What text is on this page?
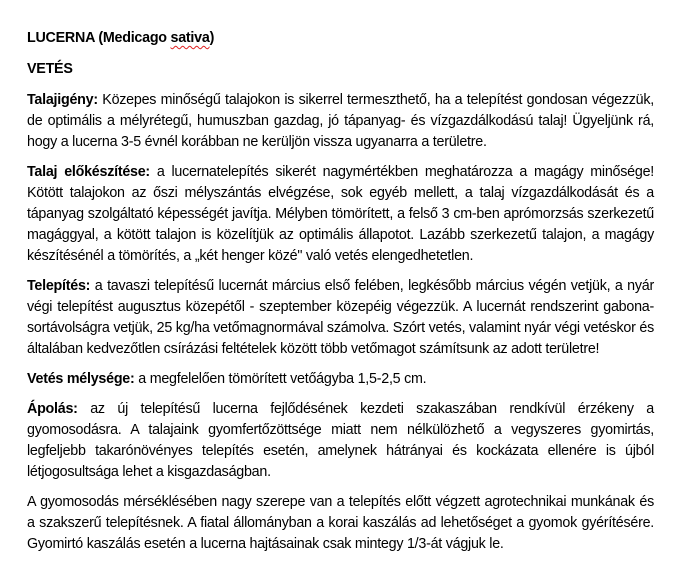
LUCERNA (Medicago sativa)
VETÉS

Talajigény: Közepes minőségű talajokon is sikerrel termeszthető, ha a telepítést gondosan végezzük, de optimális a mélyrétegű, humuszban gazdag, jó tápanyag- és vízgazdálkodású talaj! Ügyeljünk rá, hogy a lucerna 3-5 évnél korábban ne kerüljön vissza ugyanarra a területre.

Talaj előkészítése: a lucernatelepítés sikerét nagymértékben meghatározza a magágy minősége! Kötött talajokon az őszi mélyszántás elvégzése, sok egyéb mellett, a talaj vízgazdálkodását és a tápanyag szolgáltató képességét javítja. Mélyben tömörített, a felső 3 cm-ben aprómorzsás szerkezetű magággyal, a kötött talajon is közelítjük az optimális állapotot. Lazább szerkezetű talajon, a magágy készítésénél a tömörítés, a „két henger közé" való vetés elengedhetetlen.

Telepítés: a tavaszi telepítésű lucernát március első felében, legkésőbb március végén vetjük, a nyár végi telepítést augusztus közepétől - szeptember közepéig végezzük. A lucernát rendszerint gabona-sortávolságra vetjük, 25 kg/ha vetőmagnormával számolva. Szórt vetés, valamint nyár végi vetéskor és általában kedvezőtlen csírázási feltételek között több vetőmagot számítsunk az adott területre!

Vetés mélysége: a megfelelően tömörített vetőágyba 1,5-2,5 cm.

Ápolás: az új telepítésű lucerna fejlődésének kezdeti szakaszában rendkívül érzékeny a gyomosodásra. A talajaink gyomfertőzöttsége miatt nem nélkülözhető a vegyszeres gyomirtás, legfeljebb takarónövényes telepítés esetén, amelynek hátrányai és kockázata ellenére is újból létjogosultsága lehet a kisgazdaságban.

A gyomosodás mérséklésében nagy szerepe van a telepítés előtt végzett agrotechnikai munkának és a szakszerű telepítésnek. A fiatal állományban a korai kaszálás ad lehetőséget a gyomok gyérítésére. Gyomirtó kaszálás esetén a lucerna hajtásainak csak mintegy 1/3-át vágjuk le.
